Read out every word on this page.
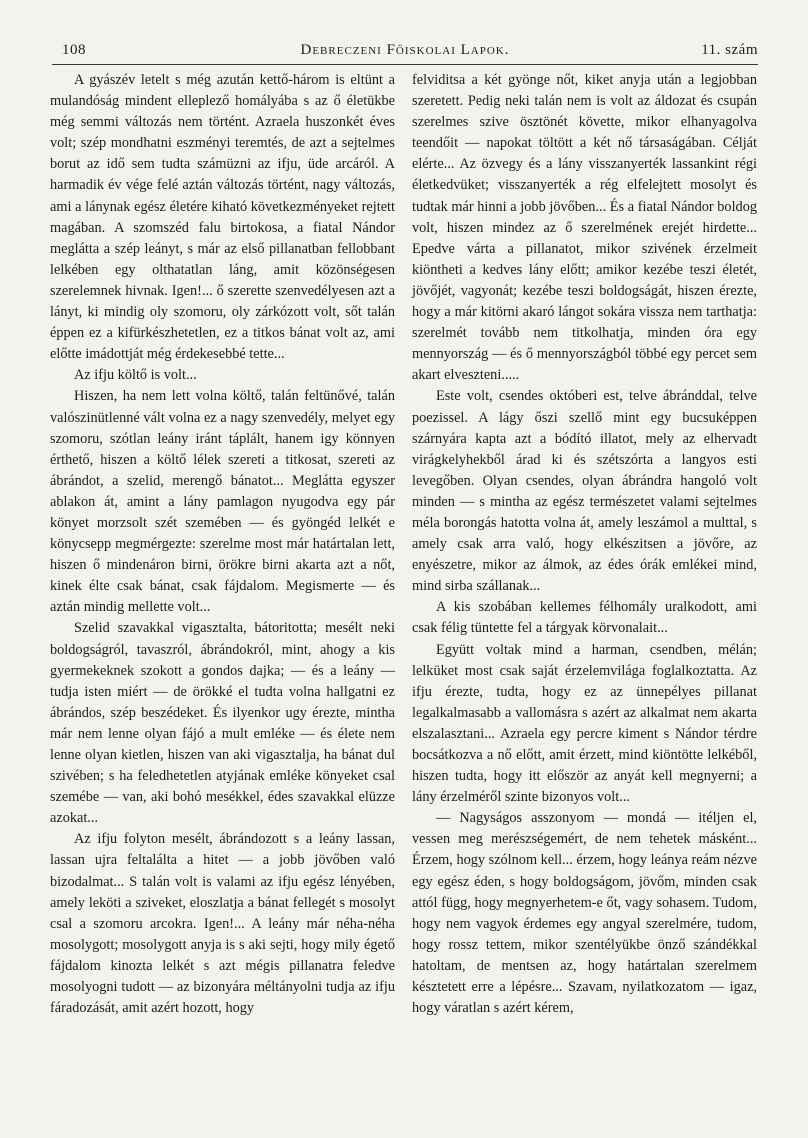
108	Debreczeni Főiskolai Lapok.	11. szám

A gyászév letelt s még azután kettő-három is eltünt a mulandóság mindent elleplező homályába s az ő életükbe még semmi változás nem történt. Azraela huszonkét éves volt; szép mondhatni eszményi teremtés, de azt a sejtelmes borut az idő sem tudta számüzni az ifju, üde arcáról. A harmadik év vége felé aztán változás történt, nagy változás, ami a lánynak egész életére kiható következményeket rejtett magában. A szomszéd falu birtokosa, a fiatal Nándor meglátta a szép leányt, s már az első pillanatban fellobbant lelkében egy olthatatlan láng, amit közönségesen szerelemnek hivnak. Igen!... ő szerette szenvedélyesen azt a lányt, ki mindig oly szomoru, oly zárkózott volt, sőt talán éppen ez a kifürkészhetetlen, ez a titkos bánat volt az, ami előtte imádottját még érdekesebbé tette...

Az ifju költő is volt...

Hiszen, ha nem lett volna költő, talán feltünővé, talán valószinütlenné vált volna ez a nagy szenvedély, melyet egy szomoru, szótlan leány iránt táplált, hanem igy könnyen érthető, hiszen a költő lélek szereti a titkosat, szereti az ábrándot, a szelid, merengő bánatot... Meglátta egyszer ablakon át, amint a lány pamlagon nyugodva egy pár könyet morzsolt szét szemében — és gyöngéd lelkét e könycsepp megmérgezte: szerelme most már határtalan lett, hiszen ő mindenáron birni, örökre birni akarta azt a nőt, kinek élte csak bánat, csak fájdalom. Megismerte — és aztán mindig mellette volt...

Szelid szavakkal vigasztalta, bátoritotta; mesélt neki boldogságról, tavaszról, ábrándokról, mint, ahogy a kis gyermekeknek szokott a gondos dajka; — és a leány — tudja isten miért — de örökké el tudta volna hallgatni ez ábrándos, szép beszédeket. És ilyenkor ugy érezte, mintha már nem lenne olyan fájó a mult emléke — és élete nem lenne olyan kietlen, hiszen van aki vigasztalja, ha bánat dul szivében; s ha feledhetetlen atyjának emléke könyeket csal szemébe — van, aki bohó mesékkel, édes szavakkal elüzze azokat...

Az ifju folyton mesélt, ábrándozott s a leány lassan, lassan ujra feltalálta a hitet — a jobb jövőben való bizodalmat... S talán volt is valami az ifju egész lényében, amely leköti a sziveket, eloszlatja a bánat fellegét s mosolyt csal a szomoru arcokra. Igen!... A leány már néha-néha mosolygott; mosolygott anyja is s aki sejti, hogy mily égető fájdalom kinozta lelkét s azt mégis pillanatra feledve mosolyogni tudott — az bizonyára méltányolni tudja az ifju fáradozását, amit azért hozott, hogy

felviditsa a két gyönge nőt, kiket anyja után a legjobban szeretett. Pedig neki talán nem is volt az áldozat és csupán szerelmes szive ösztönét követte, mikor elhanyagolva teendőit — napokat töltött a két nő társaságában. Célját elérte... Az özvegy és a lány visszanyerték lassankint régi életkedvüket; visszanyerték a rég elfelejtett mosolyt és tudtak már hinni a jobb jövőben... És a fiatal Nándor boldog volt, hiszen mindez az ő szerelmének erejét hirdette... Epedve várta a pillanatot, mikor szivének érzelmeit kiöntheti a kedves lány előtt; amikor kezébe teszi életét, jövőjét, vagyonát; kezébe teszi boldogságát, hiszen érezte, hogy a már kitörni akaró lángot sokára vissza nem tarthatja: szerelmét tovább nem titkolhatja, minden óra egy mennyország — és ő mennyországból többé egy percet sem akart elveszteni.....

Este volt, csendes októberi est, telve ábránddal, telve poezissel. A lágy őszi szellő mint egy bucsuképpen szárnyára kapta azt a bódító illatot, mely az elhervadt virágkelyhekből árad ki és szétszórta a langyos esti levegőben. Olyan csendes, olyan ábrándra hangoló volt minden — s mintha az egész természetet valami sejtelmes méla borongás hatotta volna át, amely leszámol a multtal, s amely csak arra való, hogy elkészitsen a jövőre, az enyészetre, mikor az álmok, az édes órák emlékei mind, mind sirba szállanak...

A kis szobában kellemes félhomály uralkodott, ami csak félig tüntette fel a tárgyak körvonalait...

Együtt voltak mind a harman, csendben, mélán; lelküket most csak saját érzelemvilága foglalkoztatta. Az ifju érezte, tudta, hogy ez az ünnepélyes pillanat legalkalmasabb a vallomásra s azért az alkalmat nem akarta elszalasztani... Azraela egy percre kiment s Nándor térdre bocsátkozva a nő előtt, amit érzett, mind kiöntötte lelkéből, hiszen tudta, hogy itt először az anyát kell megnyerni; a lány érzelméről szinte bizonyos volt...

— Nagyságos asszonyom — mondá — itéljen el, vessen meg merészségemért, de nem tehetek másként... Érzem, hogy szólnom kell... érzem, hogy leánya reám nézve egy egész éden, s hogy boldogságom, jövőm, minden csak attól függ, hogy megnyerhetem-e őt, vagy sohasem. Tudom, hogy nem vagyok érdemes egy angyal szerelmére, tudom, hogy rossz tettem, mikor szentélyükbe önző szándékkal hatoltam, de mentsen az, hogy határtalan szerelmem késztetett erre a lépésre... Szavam, nyilatkozatom — igaz, hogy váratlan s azért kérem,
